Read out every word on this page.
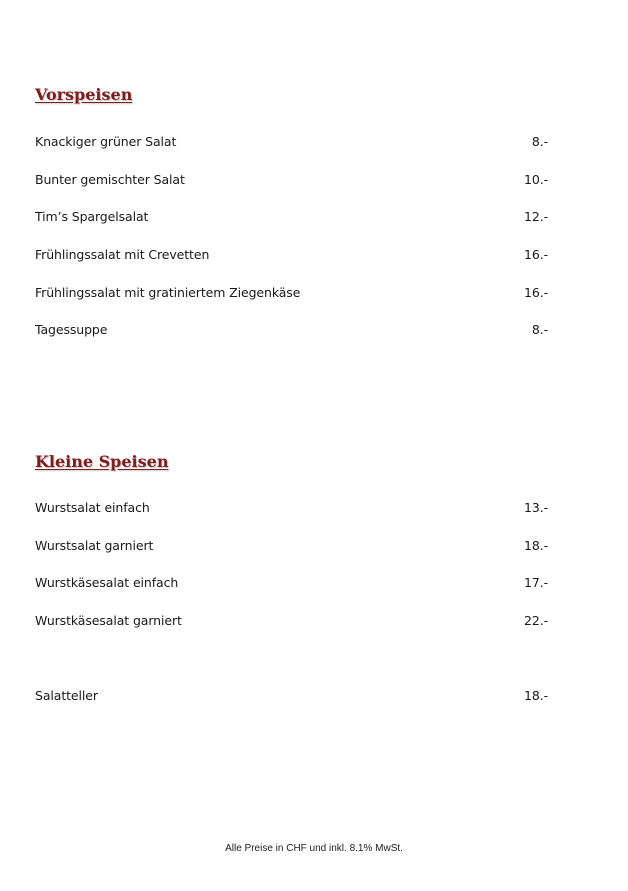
Vorspeisen
Knackiger grüner Salat	8.-
Bunter gemischter Salat	10.-
Tim’s Spargelsalat	12.-
Frühlingssalat mit Crevetten	16.-
Frühlingssalat mit gratiniertem Ziegenkäse	16.-
Tagessuppe	8.-
Kleine Speisen
Wurstsalat einfach	13.-
Wurstsalat garniert	18.-
Wurstkäsesalat einfach	17.-
Wurstkäsesalat garniert	22.-
Salatteller	18.-
Alle Preise in CHF und inkl. 8.1% MwSt.
